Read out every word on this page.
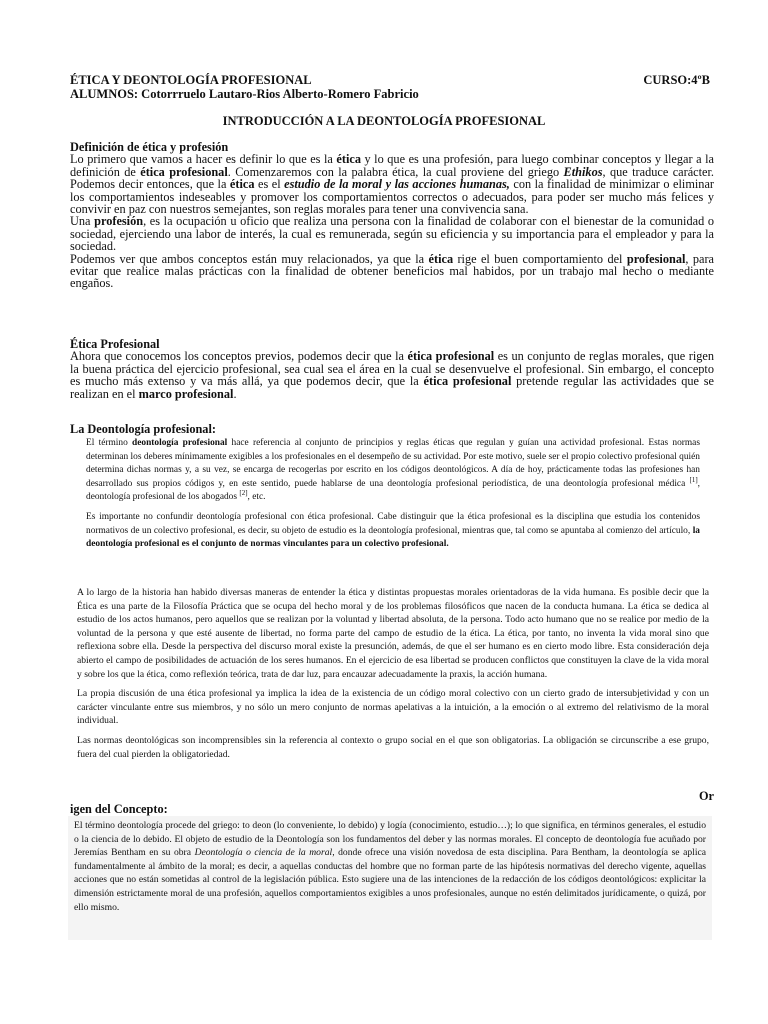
ÉTICA Y DEONTOLOGÍA PROFESIONAL	CURSO:4ºB
ALUMNOS: Cotorrruelo Lautaro-Rios Alberto-Romero Fabricio
INTRODUCCIÓN A LA DEONTOLOGÍA PROFESIONAL

Definición de ética y profesión

Lo primero que vamos a hacer es definir lo que es la ética y lo que es una profesión, para luego combinar conceptos y llegar a la definición de ética profesional. Comenzaremos con la palabra ética, la cual proviene del griego Ethikos, que traduce carácter. Podemos decir entonces, que la ética es el estudio de la moral y las acciones humanas, con la finalidad de minimizar o eliminar los comportamientos indeseables y promover los comportamientos correctos o adecuados, para poder ser mucho más felices y convivir en paz con nuestros semejantes, son reglas morales para tener una convivencia sana.

Una profesión, es la ocupación u oficio que realiza una persona con la finalidad de colaborar con el bienestar de la comunidad o sociedad, ejerciendo una labor de interés, la cual es remunerada, según su eficiencia y su importancia para el empleador y para la sociedad.

Podemos ver que ambos conceptos están muy relacionados, ya que la ética rige el buen comportamiento del profesional, para evitar que realice malas prácticas con la finalidad de obtener beneficios mal habidos, por un trabajo mal hecho o mediante engaños.

Ética Profesional

Ahora que conocemos los conceptos previos, podemos decir que la ética profesional es un conjunto de reglas morales, que rigen la buena práctica del ejercicio profesional, sea cual sea el área en la cual se desenvuelve el profesional. Sin embargo, el concepto es mucho más extenso y va más allá, ya que podemos decir, que la ética profesional pretende regular las actividades que se realizan en el marco profesional.

La Deontología profesional:

El término deontología profesional hace referencia al conjunto de principios y reglas éticas que regulan y guían una actividad profesional. Estas normas determinan los deberes mínimamente exigibles a los profesionales en el desempeño de su actividad. Por este motivo, suele ser el propio colectivo profesional quién determina dichas normas y, a su vez, se encarga de recogerlas por escrito en los códigos deontológicos. A día de hoy, prácticamente todas las profesiones han desarrollado sus propios códigos y, en este sentido, puede hablarse de una deontología profesional periodística, de una deontología profesional médica [1], deontología profesional de los abogados [2], etc.

Es importante no confundir deontología profesional con ética profesional. Cabe distinguir que la ética profesional es la disciplina que estudia los contenidos normativos de un colectivo profesional, es decir, su objeto de estudio es la deontología profesional, mientras que, tal como se apuntaba al comienzo del artículo, la deontología profesional es el conjunto de normas vinculantes para un colectivo profesional.

A lo largo de la historia han habido diversas maneras de entender la ética y distintas propuestas morales orientadoras de la vida humana. Es posible decir que la Ética es una parte de la Filosofía Práctica que se ocupa del hecho moral y de los problemas filosóficos que nacen de la conducta humana. La ética se dedica al estudio de los actos humanos, pero aquellos que se realizan por la voluntad y libertad absoluta, de la persona. Todo acto humano que no se realice por medio de la voluntad de la persona y que esté ausente de libertad, no forma parte del campo de estudio de la ética. La ética, por tanto, no inventa la vida moral sino que reflexiona sobre ella. Desde la perspectiva del discurso moral existe la presunción, además, de que el ser humano es en cierto modo libre. Esta consideración deja abierto el campo de posibilidades de actuación de los seres humanos. En el ejercicio de esa libertad se producen conflictos que constituyen la clave de la vida moral y sobre los que la ética, como reflexión teórica, trata de dar luz, para encauzar adecuadamente la praxis, la acción humana.

La propia discusión de una ética profesional ya implica la idea de la existencia de un código moral colectivo con un cierto grado de intersubjetividad y con un carácter vinculante entre sus miembros, y no sólo un mero conjunto de normas apelativas a la intuición, a la emoción o al extremo del relativismo de la moral individual.

Las normas deontológicas son incomprensibles sin la referencia al contexto o grupo social en el que son obligatorias. La obligación se circunscribe a ese grupo, fuera del cual pierden la obligatoriedad.

Or
igen del Concepto:

El término deontología procede del griego: to deon (lo conveniente, lo debido) y logía (conocimiento, estudio…); lo que significa, en términos generales, el estudio o la ciencia de lo debido. El objeto de estudio de la Deontología son los fundamentos del deber y las normas morales. El concepto de deontología fue acuñado por Jeremías Bentham en su obra Deontología o ciencia de la moral, donde ofrece una visión novedosa de esta disciplina. Para Bentham, la deontología se aplica fundamentalmente al ámbito de la moral; es decir, a aquellas conductas del hombre que no forman parte de las hipótesis normativas del derecho vigente, aquellas acciones que no están sometidas al control de la legislación pública. Esto sugiere una de las intenciones de la redacción de los códigos deontológicos: explicitar la dimensión estrictamente moral de una profesión, aquellos comportamientos exigibles a unos profesionales, aunque no estén delimitados jurídicamente, o quizá, por ello mismo.
